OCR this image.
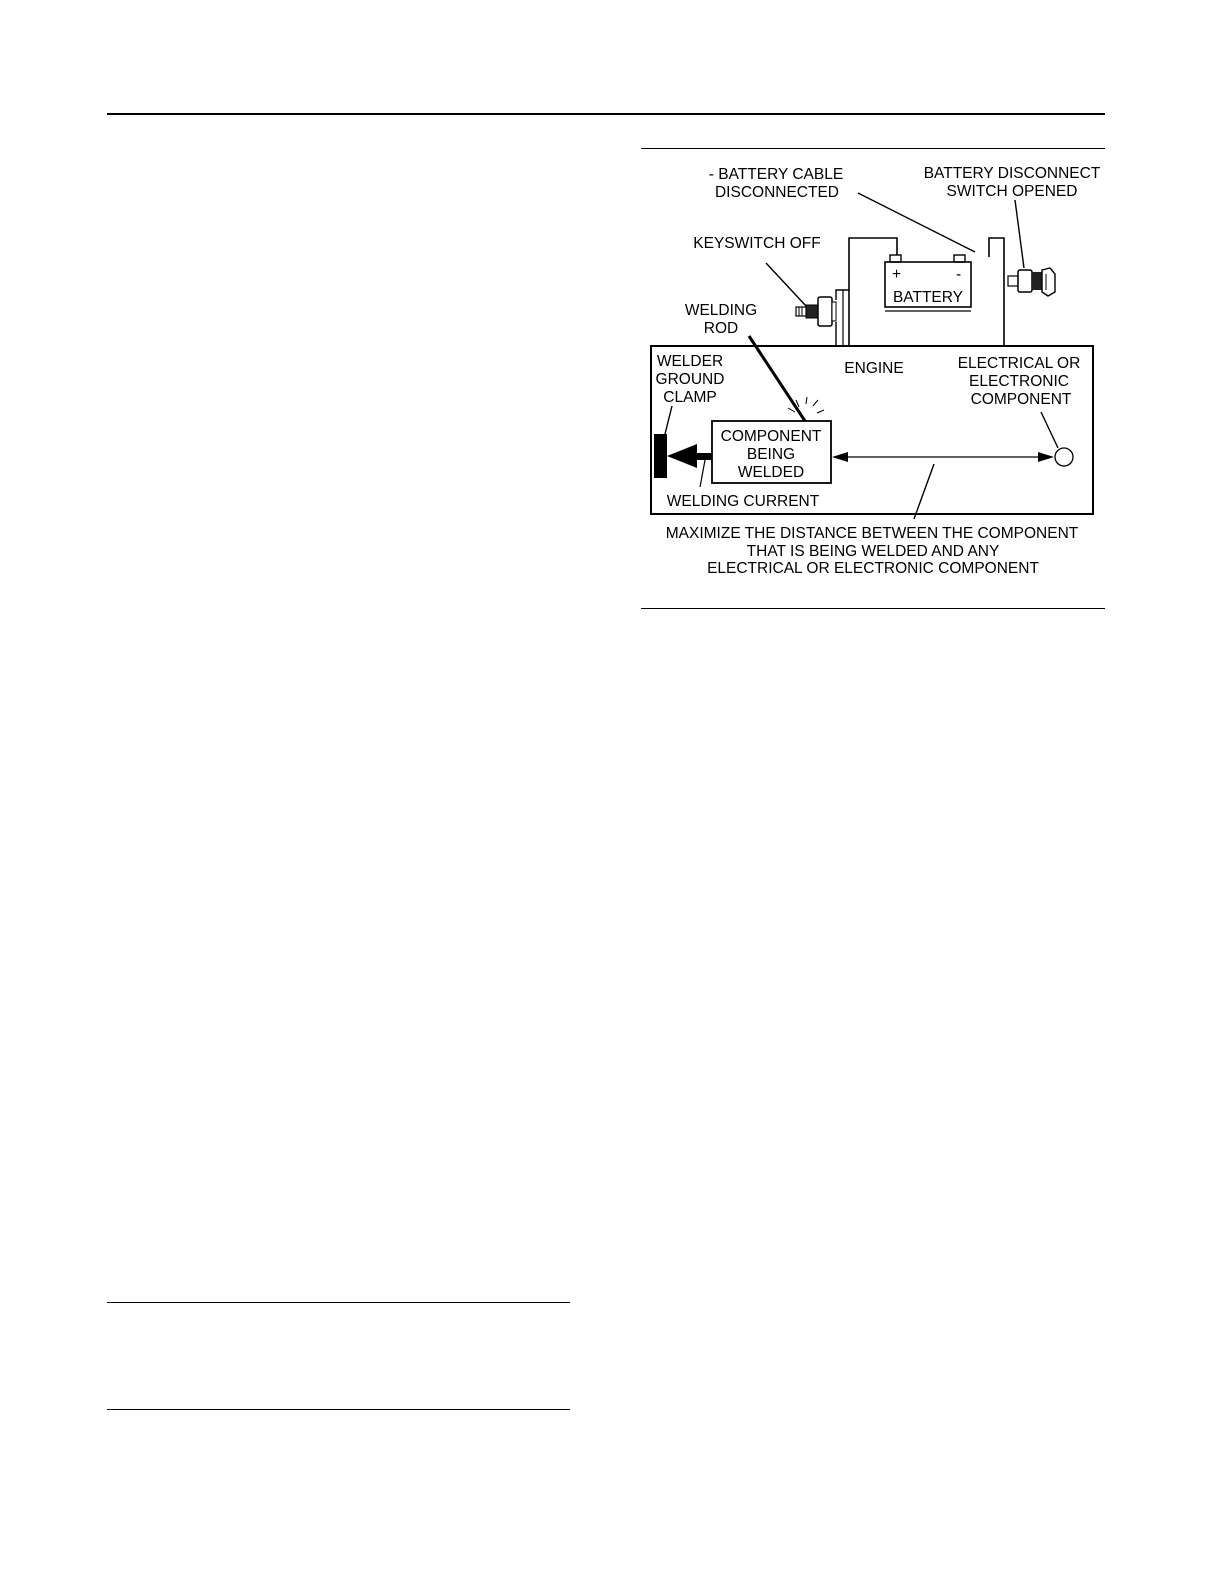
+	-
BATTERY
COMPONENT
BEING
WELDED
- BATTERY CABLE
DISCONNECTED
BATTERY DISCONNECT
SWITCH OPENED
KEYSWITCH OFF
WELDING
ROD
ENGINE	ELECTRICAL OR
ELECTRONIC
COMPONENT
WELDER
GROUND
CLAMP
WELDING CURRENT
MAXIMIZE THE DISTANCE BETWEEN THE COMPONENT
THAT IS BEING WELDED AND ANY
ELECTRICAL OR ELECTRONIC COMPONENT
